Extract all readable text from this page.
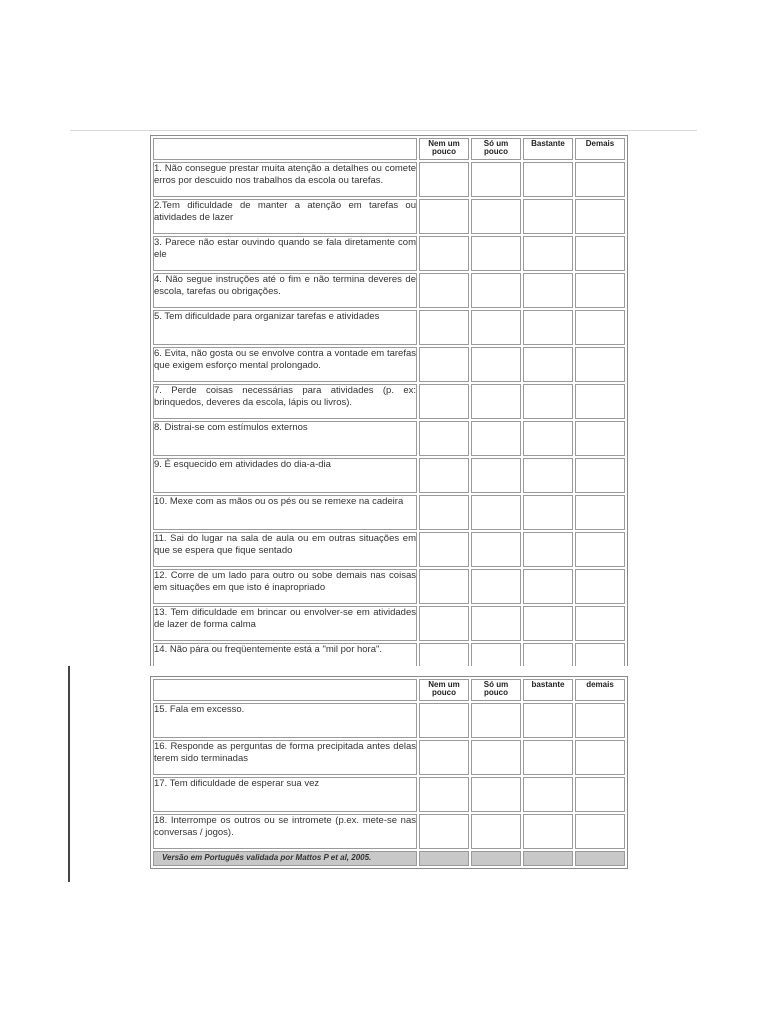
	Nem um pouco	Só um pouco	Bastante	Demais
1. Não consegue prestar muita atenção a detalhes ou comete erros por descuido nos trabalhos da escola ou tarefas.				
2.Tem dificuldade de manter a atenção em tarefas ou atividades de lazer				
3. Parece não estar ouvindo quando se fala diretamente com ele				
4. Não segue instruções até o fim e não termina deveres de escola, tarefas ou obrigações.				
5. Tem dificuldade para organizar tarefas e atividades				
6. Evita, não gosta ou se envolve contra a vontade em tarefas que exigem esforço mental prolongado.				
7. Perde coisas necessárias para atividades (p. ex: brinquedos, deveres da escola, lápis ou livros).				
8. Distrai-se com estímulos externos				
9. É esquecido em atividades do dia-a-dia				
10. Mexe com as mãos ou os pés ou se remexe na cadeira				
11. Sai do lugar na sala de aula ou em outras situações em que se espera que fique sentado				
12. Corre de um lado para outro ou sobe demais nas coisas em situações em que isto é inapropriado				
13. Tem dificuldade em brincar ou envolver-se em atividades de lazer de forma calma				
14. Não pára ou freqüentemente está a "mil por hora".				
	Nem um pouco	Só um pouco	bastante	demais
15. Fala em excesso.				
16. Responde as perguntas de forma precipitada antes delas terem sido terminadas				
17. Tem dificuldade de esperar sua vez				
18. Interrompe os outros ou se intromete (p.ex. mete-se nas conversas / jogos).				
Versão em Português validada por Mattos P et al, 2005.				
